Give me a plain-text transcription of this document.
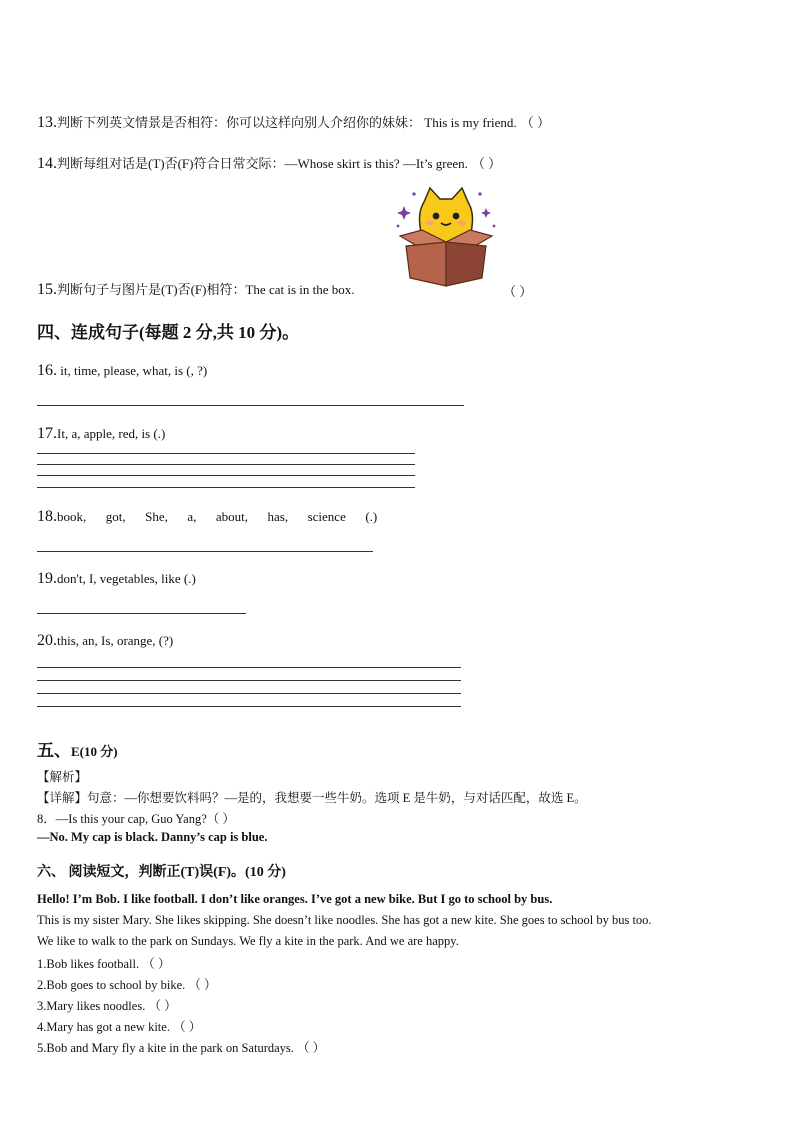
13.判断下列英文情景是否相符：你可以这样向别人介绍你的妹妹： This is my friend. （ ）
14.判断每组对话是(T)否(F)符合日常交际：—Whose skirt is this? —It’s green. （ ）
15.判断句子与图片是(T)否(F)相符：The cat is in the box.	（ ）
四、连成句子(每题 2 分,共 10 分)。
16. it, time, please, what, is (, ?)
17.It, a, apple, red, is (.)
18.book,      got,      She,      a,      about,      has,      science      (.)
19.don't, I, vegetables, like (.)
20.this, an, Is, orange, (?)
五、E(10 分)
【解析】
【详解】句意：—你想要饮料吗？—是的，我想要一些牛奶。选项 E 是牛奶，与对话匹配，故选 E。
8．—Is this your cap, Guo Yang?（ ）
—No. My cap is black. Danny’s cap is blue.
六、 阅读短文，判断正(T)误(F)。(10 分)
Hello! I’m Bob. I like football. I don’t like oranges. I’ve got a new bike. But I go to school by bus.
This is my sister Mary. She likes skipping. She doesn’t like noodles. She has got a new kite. She goes to school by bus too.
We like to walk to the park on Sundays. We fly a kite in the park. And we are happy.
1.Bob likes football. （ ）
2.Bob goes to school by bike. （ ）
3.Mary likes noodles. （ ）
4.Mary has got a new kite. （ ）
5.Bob and Mary fly a kite in the park on Saturdays. （ ）
